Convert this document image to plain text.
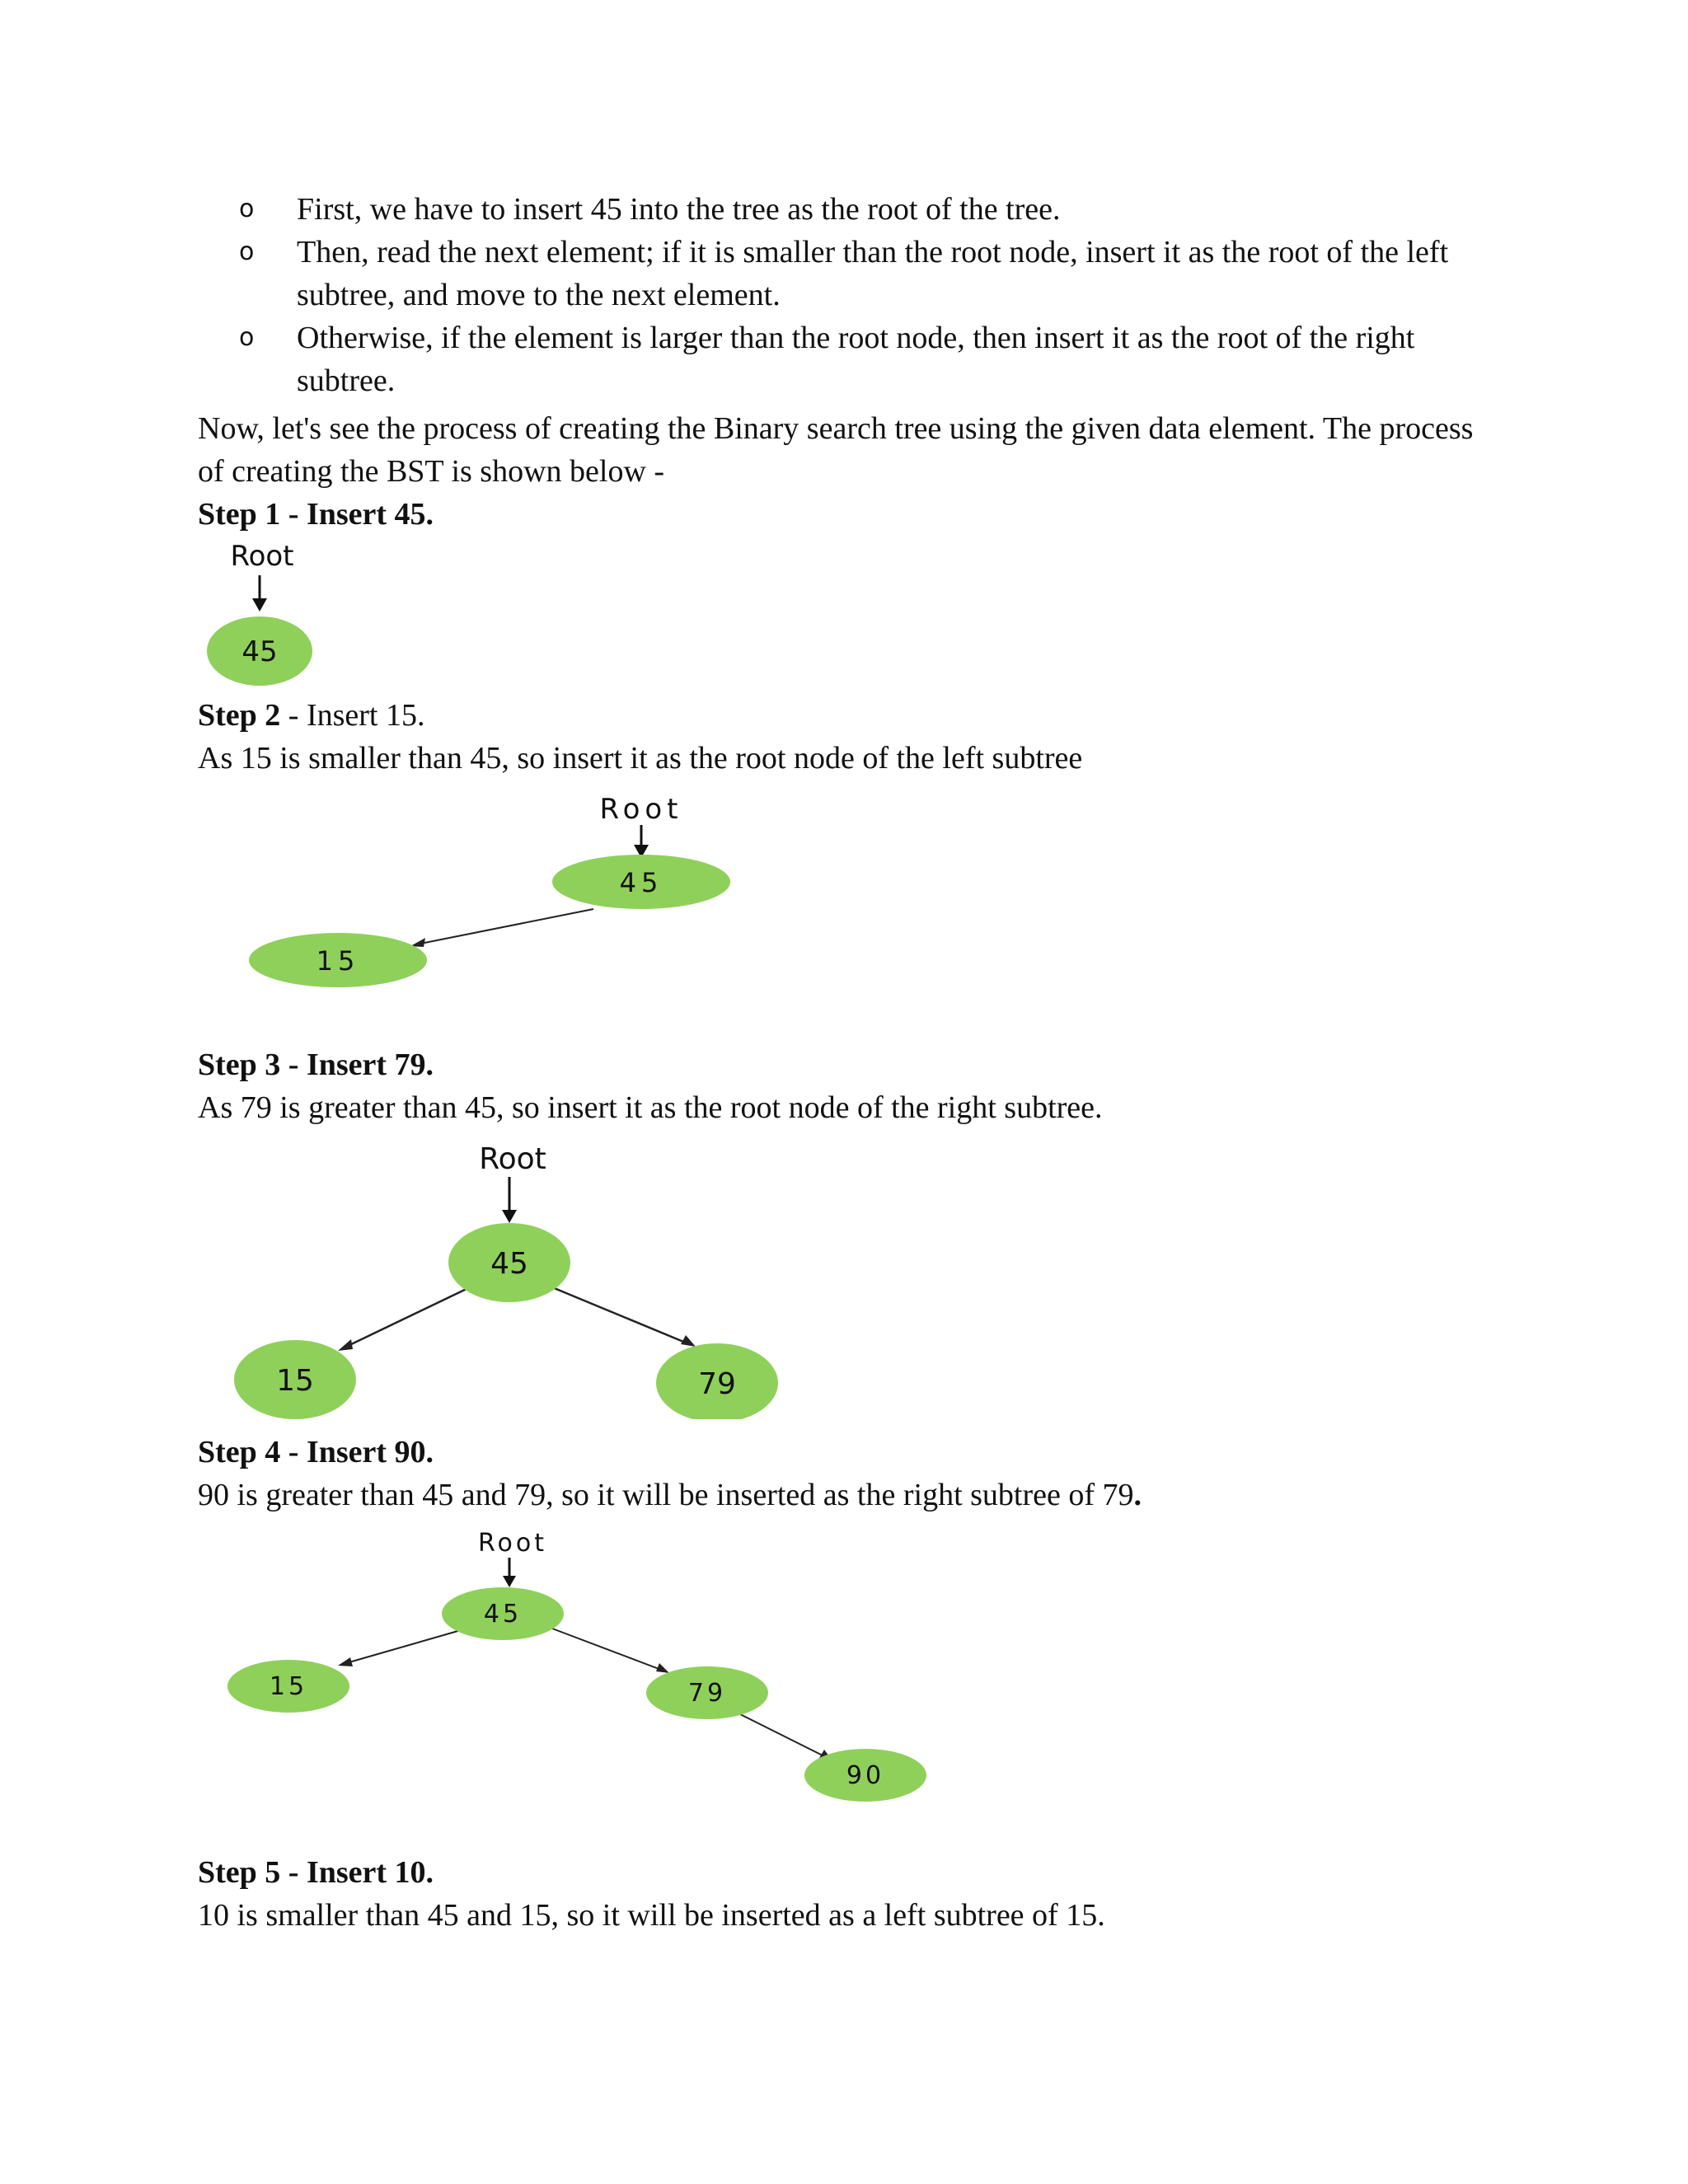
o First, we have to insert 45 into the tree as the root of the tree.
o Then, read the next element; if it is smaller than the root node, insert it as the root of the left subtree, and move to the next element.
o Otherwise, if the element is larger than the root node, then insert it as the root of the right subtree.

Now, let's see the process of creating the Binary search tree using the given data element. The process of creating the BST is shown below -

Step 1 - Insert 45.

Root
45

Step 2 - Insert 15.

As 15 is smaller than 45, so insert it as the root node of the left subtree

Root
45
15

Step 3 - Insert 79.

As 79 is greater than 45, so insert it as the root node of the right subtree.

Root
45
15	79

Step 4 - Insert 90.

90 is greater than 45 and 79, so it will be inserted as the right subtree of 79.

Root
45
15	79
90

Step 5 - Insert 10.

10 is smaller than 45 and 15, so it will be inserted as a left subtree of 15.
